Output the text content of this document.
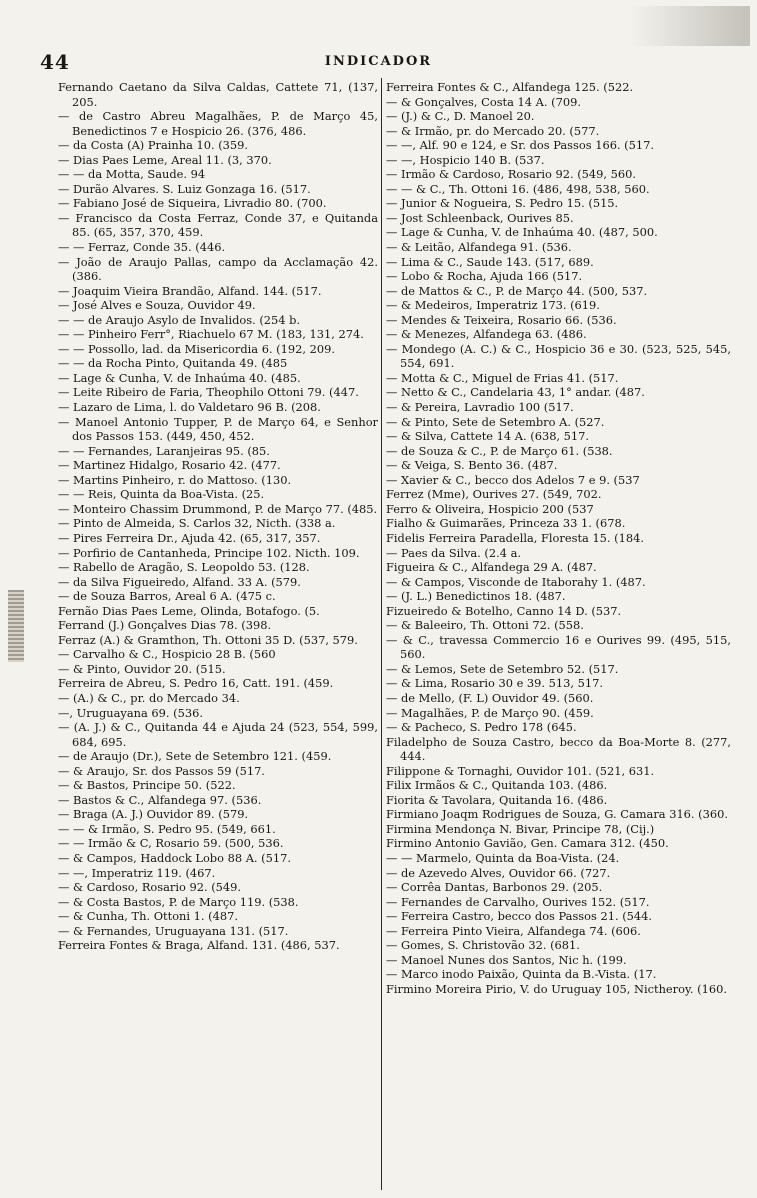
44	INDICADOR
Fernando Caetano da Silva Caldas, Cattete 71, (137, 205.
— de Castro Abreu Magalhães, P. de Março 45, Benedictinos 7 e Hospicio 26. (376, 486.
— da Costa (A) Prainha 10. (359.
— Dias Paes Leme, Areal 11. (3, 370.
— — da Motta, Saude. 94
— Durão Alvares. S. Luiz Gonzaga 16. (517.
— Fabiano José de Siqueira, Livradio 80. (700.
— Francisco da Costa Ferraz, Conde 37, e Quitanda 85. (65, 357, 370, 459.
— — Ferraz, Conde 35. (446.
— João de Araujo Pallas, campo da Acclamação 42. (386.
— Joaquim Vieira Brandão, Alfand. 144. (517.
— José Alves e Souza, Ouvidor 49.
— — de Araujo Asylo de Invalidos. (254 b.
— — Pinheiro Ferr°, Riachuelo 67 M. (183, 131, 274.
— — Possollo, lad. da Misericordia 6. (192, 209.
— — da Rocha Pinto, Quitanda 49. (485
— Lage & Cunha, V. de Inhaúma 40. (485.
— Leite Ribeiro de Faria, Theophilo Ottoni 79. (447.
— Lazaro de Lima, l. do Valdetaro 96 B. (208.
— Manoel Antonio Tupper, P. de Março 64, e Senhor dos Passos 153. (449, 450, 452.
— — Fernandes, Laranjeiras 95. (85.
— Martinez Hidalgo, Rosario 42. (477.
— Martins Pinheiro, r. do Mattoso. (130.
— — Reis, Quinta da Boa-Vista. (25.
— Monteiro Chassim Drummond, P. de Março 77. (485.
— Pinto de Almeida, S. Carlos 32, Nicth. (338 a.
— Pires Ferreira Dr., Ajuda 42. (65, 317, 357.
— Porfirio de Cantanheda, Principe 102. Nicth. 109.
— Rabello de Aragão, S. Leopoldo 53. (128.
— da Silva Figueiredo, Alfand. 33 A. (579.
— de Souza Barros, Areal 6 A. (475 c.
Fernão Dias Paes Leme, Olinda, Botafogo. (5.
Ferrand (J.) Gonçalves Dias 78. (398.
Ferraz (A.) & Gramthon, Th. Ottoni 35 D. (537, 579.
— Carvalho & C., Hospicio 28 B. (560
— & Pinto, Ouvidor 20. (515.
Ferreira de Abreu, S. Pedro 16, Catt. 191. (459.
— (A.) & C., pr. do Mercado 34.
—, Uruguayana 69. (536.
— (A. J.) & C., Quitanda 44 e Ajuda 24 (523, 554, 599, 684, 695.
— de Araujo (Dr.), Sete de Setembro 121. (459.
— & Araujo, Sr. dos Passos 59 (517.
— & Bastos, Principe 50. (522.
— Bastos & C., Alfandega 97. (536.
— Braga (A. J.) Ouvidor 89. (579.
— — & Irmão, S. Pedro 95. (549, 661.
— — Irmão & C, Rosario 59. (500, 536.
— & Campos, Haddock Lobo 88 A. (517.
— —, Imperatriz 119. (467.
— & Cardoso, Rosario 92. (549.
— & Costa Bastos, P. de Março 119. (538.
— & Cunha, Th. Ottoni 1. (487.
— & Fernandes, Uruguayana 131. (517.
Ferreira Fontes & Braga, Alfand. 131. (486, 537.
Ferreira Fontes & C., Alfandega 125. (522.
— & Gonçalves, Costa 14 A. (709.
— (J.) & C., D. Manoel 20.
— & Irmão, pr. do Mercado 20. (577.
— —, Alf. 90 e 124, e Sr. dos Passos 166. (517.
— —, Hospicio 140 B. (537.
— Irmão & Cardoso, Rosario 92. (549, 560.
— — & C., Th. Ottoni 16. (486, 498, 538, 560.
— Junior & Nogueira, S. Pedro 15. (515.
— Jost Schleenback, Ourives 85.
— Lage & Cunha, V. de Inhaúma 40. (487, 500.
— & Leitão, Alfandega 91. (536.
— Lima & C., Saude 143. (517, 689.
— Lobo & Rocha, Ajuda 166 (517.
— de Mattos & C., P. de Março 44. (500, 537.
— & Medeiros, Imperatriz 173. (619.
— Mendes & Teixeira, Rosario 66. (536.
— & Menezes, Alfandega 63. (486.
— Mondego (A. C.) & C., Hospicio 36 e 30. (523, 525, 545, 554, 691.
— Motta & C., Miguel de Frias 41. (517.
— Netto & C., Candelaria 43, 1° andar. (487.
— & Pereira, Lavradio 100 (517.
— & Pinto, Sete de Setembro A. (527.
— & Silva, Cattete 14 A. (638, 517.
— de Souza & C., P. de Março 61. (538.
— & Veiga, S. Bento 36. (487.
— Xavier & C., becco dos Adelos 7 e 9. (537
Ferrez (Mme), Ourives 27. (549, 702.
Ferro & Oliveira, Hospicio 200 (537
Fialho & Guimarães, Princeza 33 1. (678.
Fidelis Ferreira Paradella, Floresta 15. (184.
— Paes da Silva. (2.4 a.
Figueira & C., Alfandega 29 A. (487.
— & Campos, Visconde de Itaborahy 1. (487.
— (J. L.) Benedictinos 18. (487.
Fizueiredo & Botelho, Canno 14 D. (537.
— & Baleeiro, Th. Ottoni 72. (558.
— & C., travessa Commercio 16 e Ourives 99. (495, 515, 560.
— & Lemos, Sete de Setembro 52. (517.
— & Lima, Rosario 30 e 39. 513, 517.
— de Mello, (F. L) Ouvidor 49. (560.
— Magalhães, P. de Março 90. (459.
— & Pacheco, S. Pedro 178 (645.
Filadelpho de Souza Castro, becco da Boa-Morte 8. (277, 444.
Filippone & Tornaghi, Ouvidor 101. (521, 631.
Filix Irmãos & C., Quitanda 103. (486.
Fiorita & Tavolara, Quitanda 16. (486.
Firmiano Joaqm Rodrigues de Souza, G. Camara 316. (360.
Firmina Mendonça N. Bivar, Principe 78, (Cij.)
Firmino Antonio Gavião, Gen. Camara 312. (450.
— — Marmelo, Quinta da Boa-Vista. (24.
— de Azevedo Alves, Ouvidor 66. (727.
— Corrêa Dantas, Barbonos 29. (205.
— Fernandes de Carvalho, Ourives 152. (517.
— Ferreira Castro, becco dos Passos 21. (544.
— Ferreira Pinto Vieira, Alfandega 74. (606.
— Gomes, S. Christovão 32. (681.
— Manoel Nunes dos Santos, Nic h. (199.
— Marco inodo Paixão, Quinta da B.-Vista. (17.
Firmino Moreira Pirio, V. do Uruguay 105, Nictheroy. (160.
